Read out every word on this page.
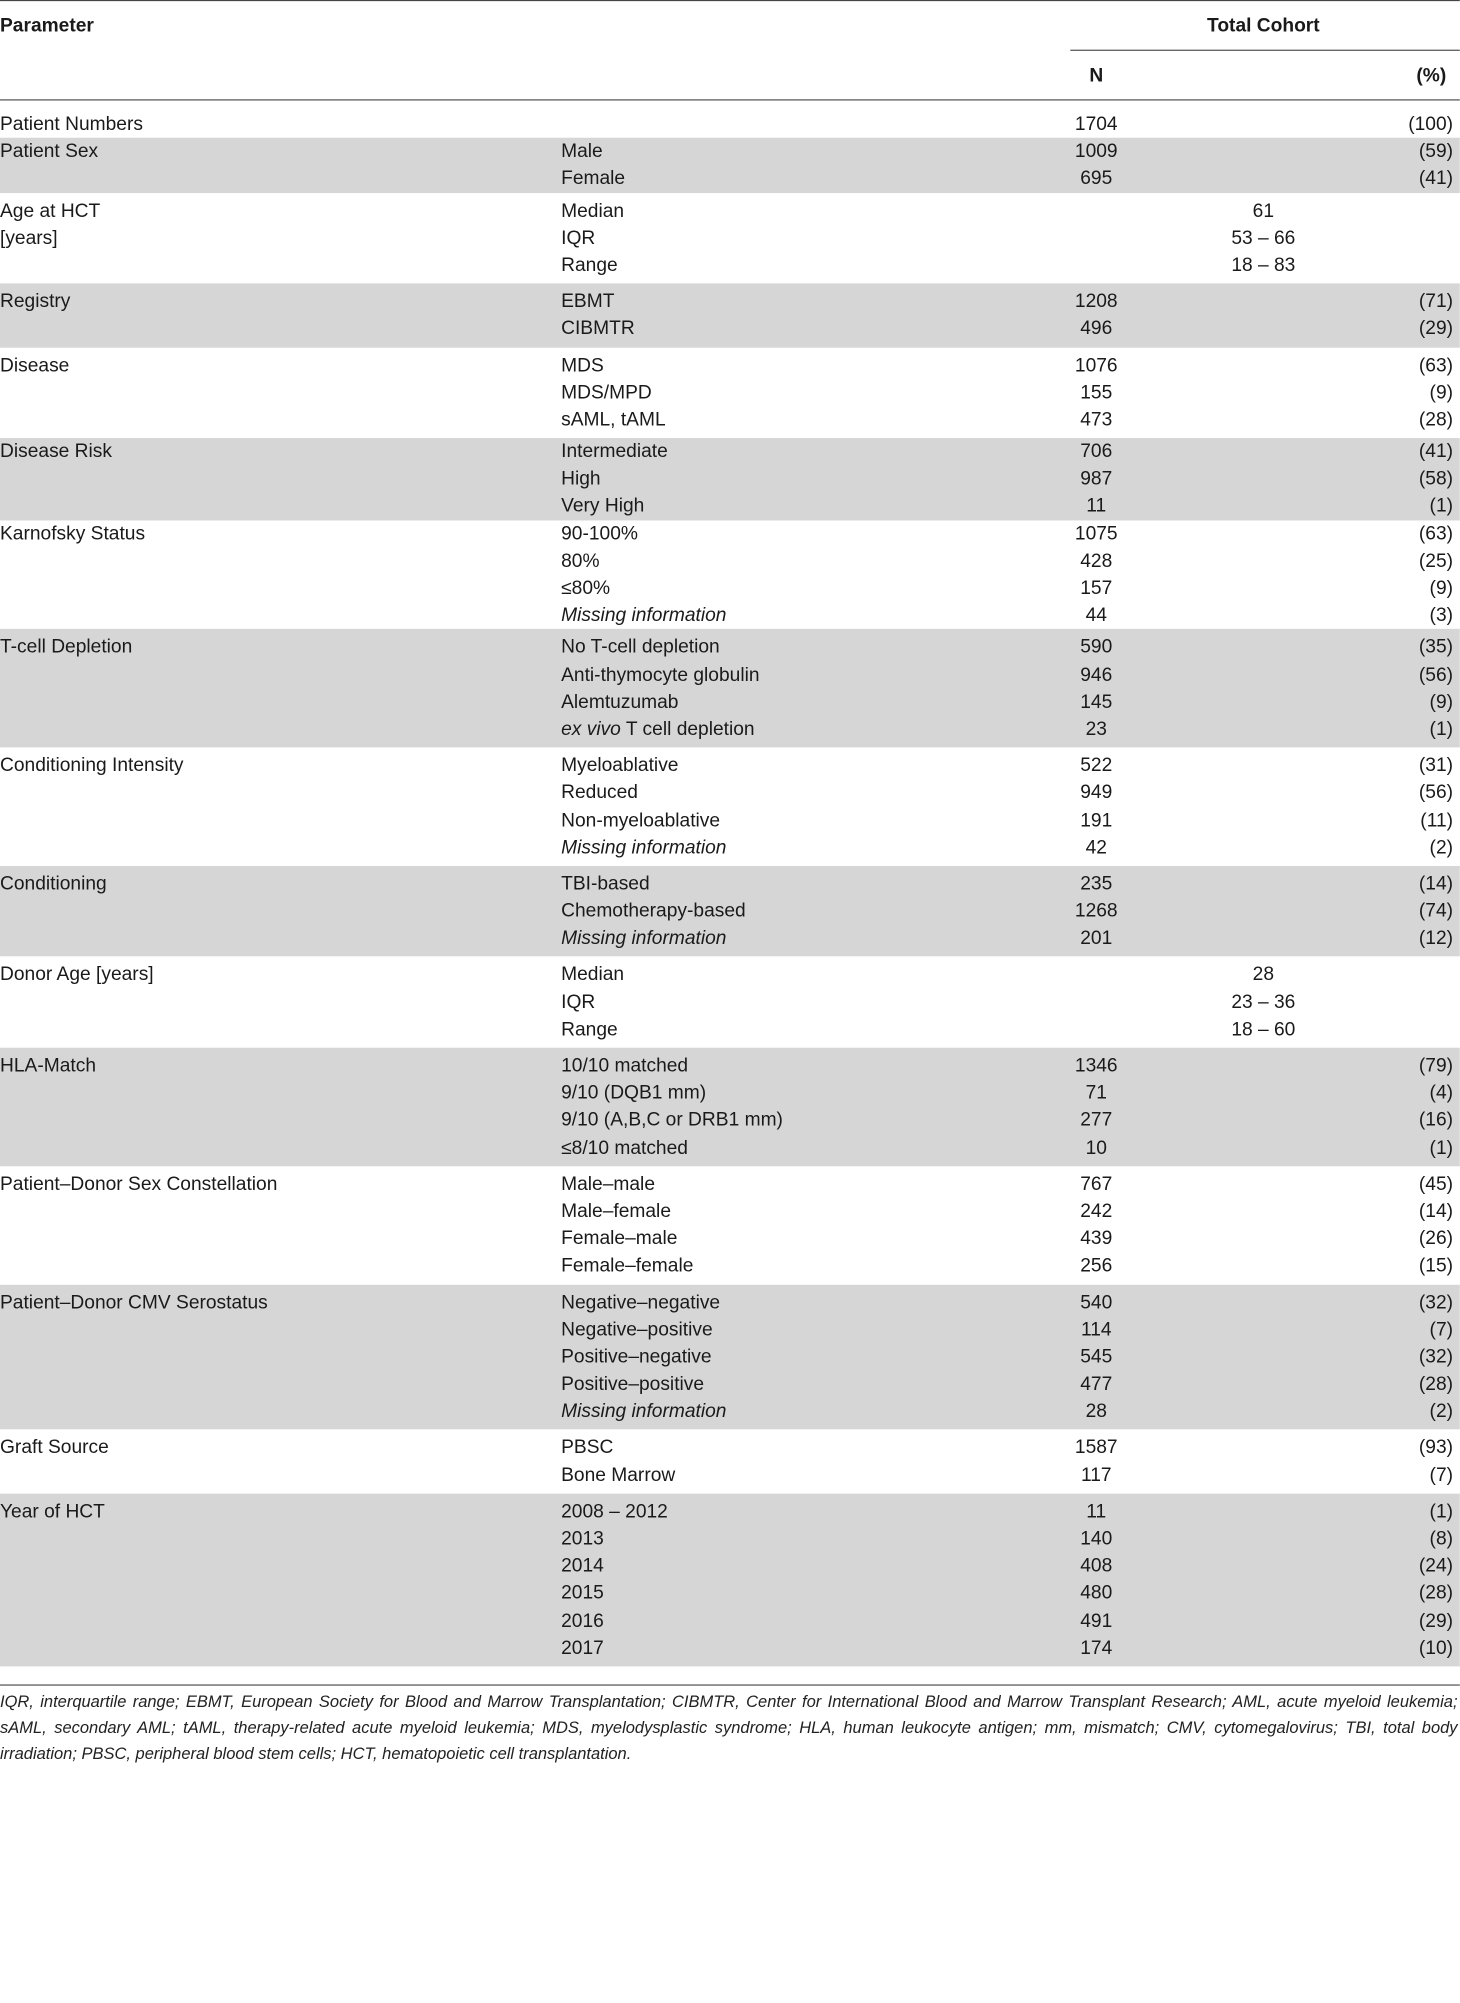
Parameter	Total Cohort
N	(%)
Patient Numbers	1704	(100)
Patient Sex	Male	1009	(59)
Female	695	(41)
Age at HCT	Median	61
[years]	IQR	53 – 66
Range	18 – 83
Registry	EBMT	1208	(71)
CIBMTR	496	(29)
Disease	MDS	1076	(63)
MDS/MPD	155	(9)
sAML, tAML	473	(28)
Disease Risk	Intermediate	706	(41)
High	987	(58)
Very High	11	(1)
Karnofsky Status	90-100%	1075	(63)
80%	428	(25)
≤80%	157	(9)
Missing information	44	(3)
T-cell Depletion	No T-cell depletion	590	(35)
Anti-thymocyte globulin	946	(56)
Alemtuzumab	145	(9)
ex vivo T cell depletion	23	(1)
Conditioning Intensity	Myeloablative	522	(31)
Reduced	949	(56)
Non-myeloablative	191	(11)
Missing information	42	(2)
Conditioning	TBI-based	235	(14)
Chemotherapy-based	1268	(74)
Missing information	201	(12)
Donor Age [years]	Median	28
IQR	23 – 36
Range	18 – 60
HLA-Match	10/10 matched	1346	(79)
9/10 (DQB1 mm)	71	(4)
9/10 (A,B,C or DRB1 mm)	277	(16)
≤8/10 matched	10	(1)
Patient–Donor Sex Constellation	Male–male	767	(45)
Male–female	242	(14)
Female–male	439	(26)
Female–female	256	(15)
Patient–Donor CMV Serostatus	Negative–negative	540	(32)
Negative–positive	114	(7)
Positive–negative	545	(32)
Positive–positive	477	(28)
Missing information	28	(2)
Graft Source	PBSC	1587	(93)
Bone Marrow	117	(7)
Year of HCT	2008 – 2012	11	(1)
2013	140	(8)
2014	408	(24)
2015	480	(28)
2016	491	(29)
2017	174	(10)
IQR, interquartile range; EBMT, European Society for Blood and Marrow Transplantation; CIBMTR, Center for International Blood and Marrow Transplant Research; AML, acute myeloid leukemia; sAML, secondary AML; tAML, therapy-related acute myeloid leukemia; MDS, myelodysplastic syndrome; HLA, human leukocyte antigen; mm, mismatch; CMV, cytomegalovirus; TBI, total body irradiation; PBSC, peripheral blood stem cells; HCT, hematopoietic cell transplantation.
